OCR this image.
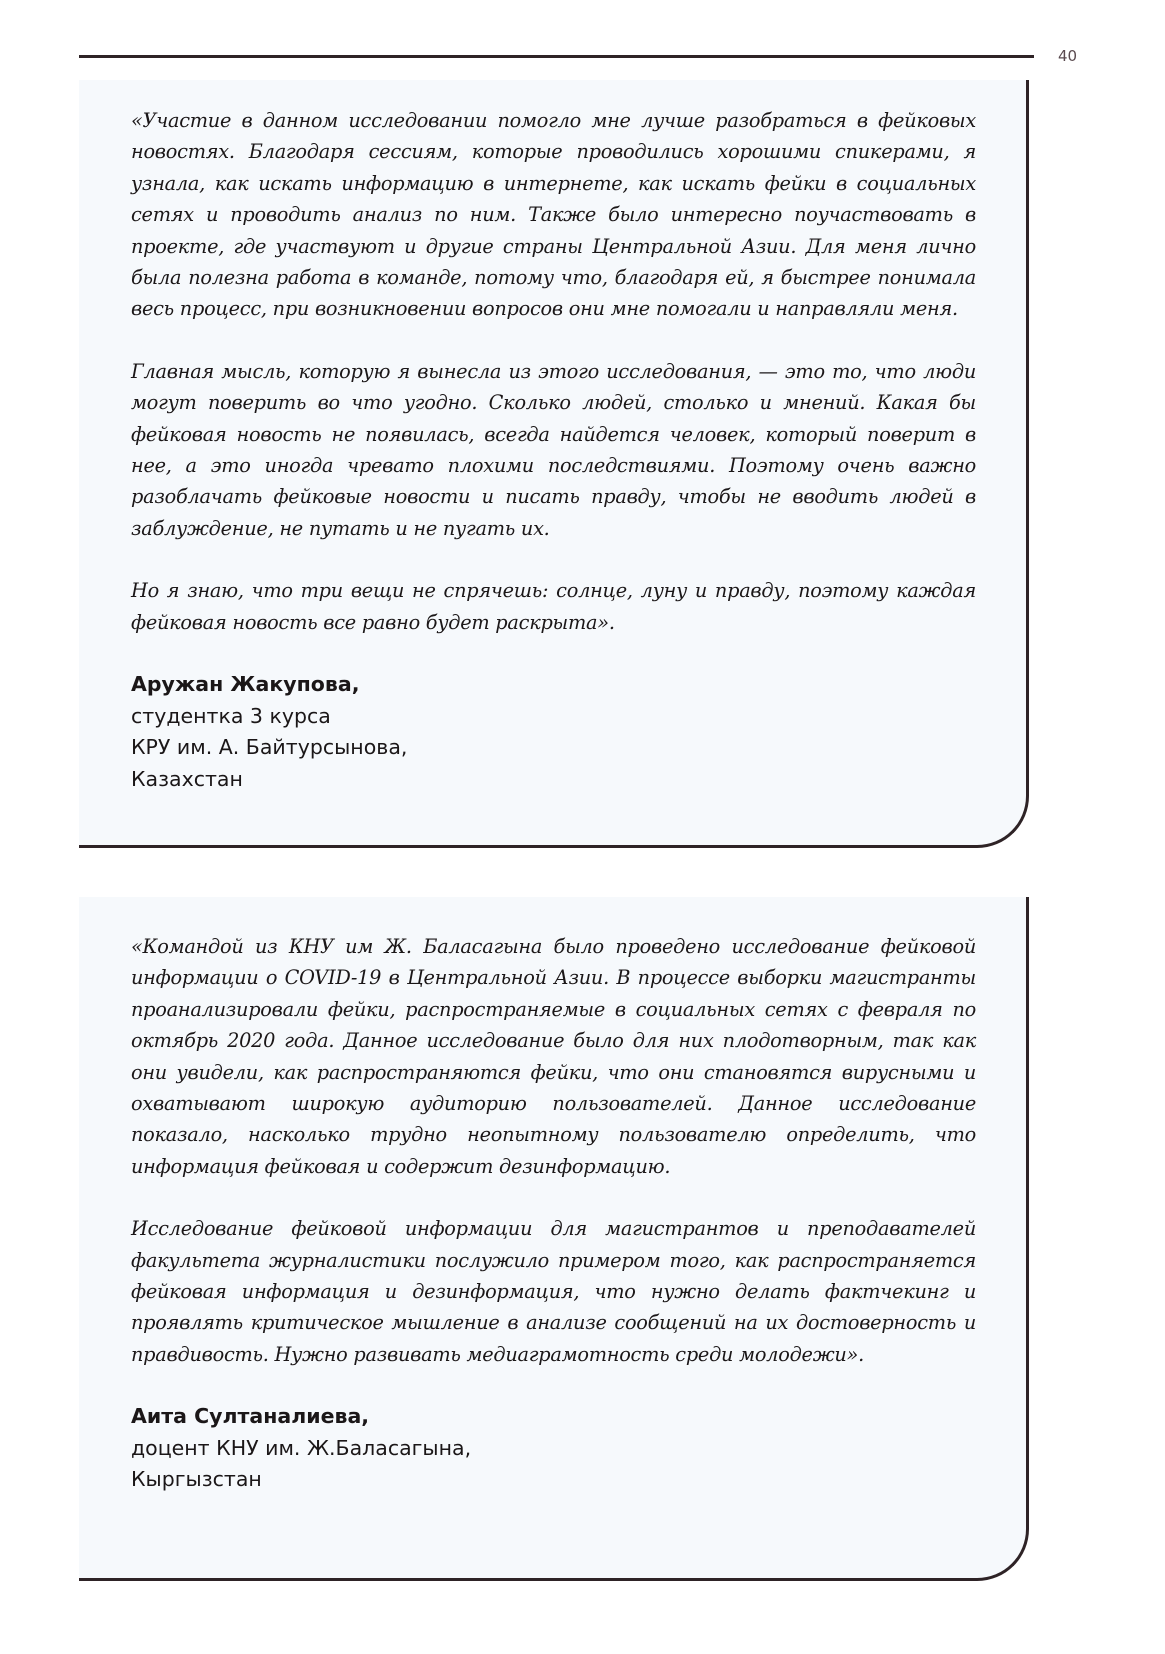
40

«Участие в данном исследовании помогло мне лучше разобраться в фейковых новостях. Благодаря сессиям, которые проводились хорошими спикерами, я узнала, как искать информацию в интернете, как искать фейки в социальных сетях и проводить анализ по ним. Также было интересно поучаствовать в проекте, где участвуют и другие страны Центральной Азии. Для меня лично была полезна работа в команде, потому что, благодаря ей, я быстрее понимала весь процесс, при возникновении вопросов они мне помогали и направляли меня.

Главная мысль, которую я вынесла из этого исследования, — это то, что люди могут поверить во что угодно. Сколько людей, столько и мнений. Какая бы фейковая новость не появилась, всегда найдется человек, который поверит в нее, а это иногда чревато плохими последствиями. Поэтому очень важно разоблачать фейковые новости и писать правду, чтобы не вводить людей в заблуждение, не путать и не пугать их.

Но я знаю, что три вещи не спрячешь: солнце, луну и правду, поэтому каждая фейковая новость все равно будет раскрыта».

Аружан Жакупова,

студентка 3 курса

КРУ им. А. Байтурсынова,

Казахстан

«Командой из КНУ им Ж. Баласагына было проведено исследование фейковой информации о COVID-19 в Центральной Азии. В процессе выборки магистранты проанализировали фейки, распространяемые в социальных сетях с февраля по октябрь 2020 года. Данное исследование было для них плодотворным, так как они увидели, как распространяются фейки, что они становятся вирусными и охватывают широкую аудиторию пользователей. Данное исследование показало, насколько трудно неопытному пользователю определить, что информация фейковая и содержит дезинформацию.

Исследование фейковой информации для магистрантов и преподавателей факультета журналистики послужило примером того, как распространяется фейковая информация и дезинформация, что нужно делать фактчекинг и проявлять критическое мышление в анализе сообщений на их достоверность и правдивость. Нужно развивать медиаграмотность среди молодежи».

Аита Султаналиева,

доцент КНУ им. Ж.Баласагына,

Кыргызстан
